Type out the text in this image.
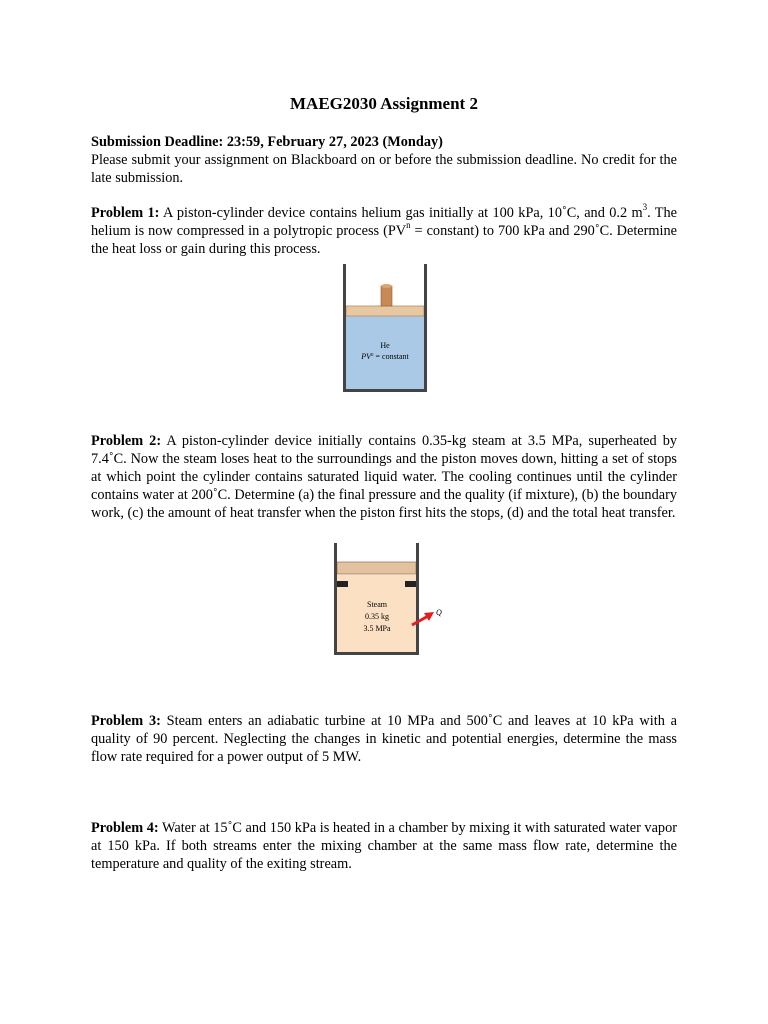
MAEG2030 Assignment 2
Submission Deadline: 23:59, February 27, 2023 (Monday)
Please submit your assignment on Blackboard on or before the submission deadline. No credit for the late submission.
Problem 1: A piston-cylinder device contains helium gas initially at 100 kPa, 10˚C, and 0.2 $m^3$. The helium is now compressed in a polytropic process ($PV^n$ = constant) to 700 kPa and 290˚C. Determine the heat loss or gain during this process.
He
$PV^n$ = constant
Problem 2: A piston-cylinder device initially contains 0.35-kg steam at 3.5 MPa, superheated by 7.4˚C. Now the steam loses heat to the surroundings and the piston moves down, hitting a set of stops at which point the cylinder contains saturated liquid water. The cooling continues until the cylinder contains water at 200˚C. Determine (a) the final pressure and the quality (if mixture), (b) the boundary work, (c) the amount of heat transfer when the piston first hits the stops, (d) and the total heat transfer.
Steam
0.35 kg
3.5 MPa
Q
Problem 3: Steam enters an adiabatic turbine at 10 MPa and 500˚C and leaves at 10 kPa with a quality of 90 percent. Neglecting the changes in kinetic and potential energies, determine the mass flow rate required for a power output of 5 MW.
Problem 4: Water at 15˚C and 150 kPa is heated in a chamber by mixing it with saturated water vapor at 150 kPa. If both streams enter the mixing chamber at the same mass flow rate, determine the temperature and quality of the exiting stream.
